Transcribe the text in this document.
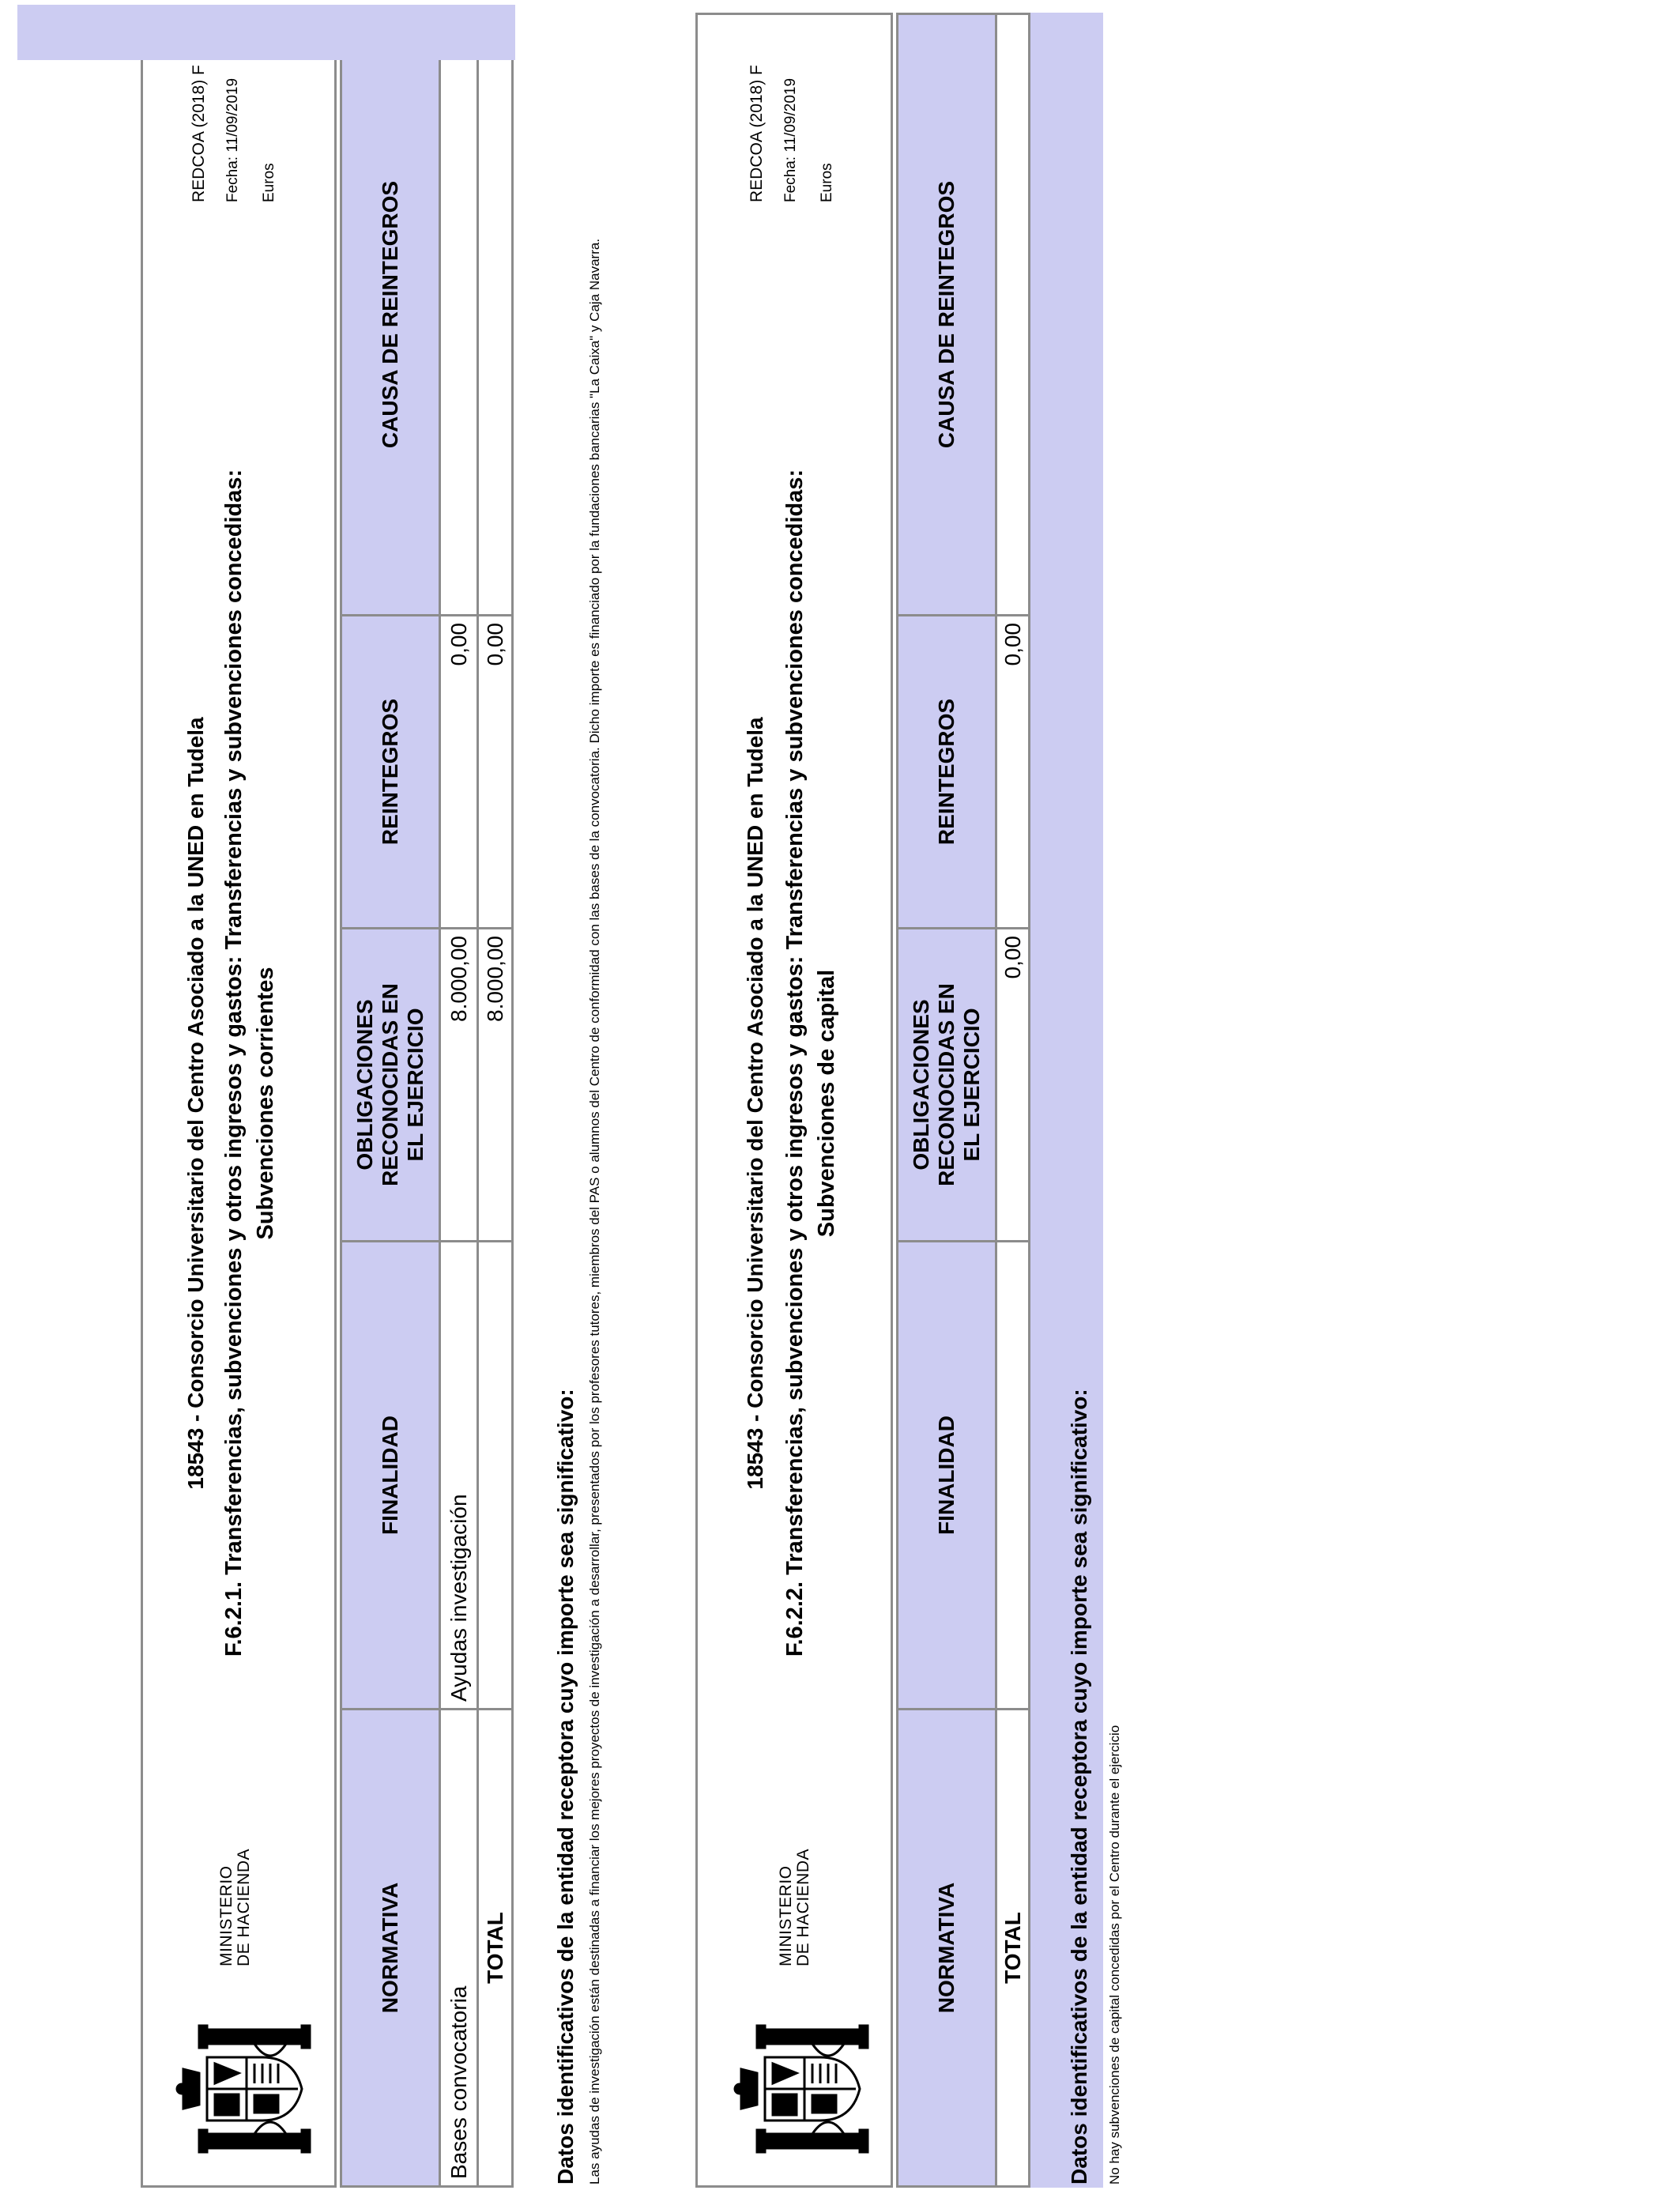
MINISTERIO DE HACIENDA
18543 - Consorcio Universitario del Centro Asociado a la UNED en Tudela F.6.2.1. Transferencias, subvenciones y otros ingresos y gastos: Transferencias y subvenciones concedidas: Subvenciones corrientes
REDCOA (2018) F Fecha: 11/09/2019 Euros
NORMATIVA
FINALIDAD
OBLIGACIONES RECONOCIDAS EN EL EJERCICIO
REINTEGROS
CAUSA DE REINTEGROS
Bases convocatoria
Ayudas investigación
8.000,00
0,00
TOTAL
8.000,00
0,00
Datos identificativos de la entidad receptora cuyo importe sea significativo: Las ayudas de investigación están destinadas a financiar los mejores proyectos de investigación a desarrollar, presentados por los profesores tutores, miembros del PAS o alumnos del Centro de conformidad con las bases de la convocatoria. Dicho importe es financiado por la fundaciones bancarias "La Caixa" y Caja Navarra.	MINISTERIO DE HACIENDA
18543 - Consorcio Universitario del Centro Asociado a la UNED en Tudela F.6.2.2. Transferencias, subvenciones y otros ingresos y gastos: Transferencias y subvenciones concedidas: Subvenciones de capital
REDCOA (2018) F Fecha: 11/09/2019 Euros
NORMATIVA
FINALIDAD
OBLIGACIONES RECONOCIDAS EN EL EJERCICIO
REINTEGROS
CAUSA DE REINTEGROS
TOTAL
0,00
0,00
Datos identificativos de la entidad receptora cuyo importe sea significativo: No hay subvenciones de capital concedidas por el Centro durante el ejercicio
